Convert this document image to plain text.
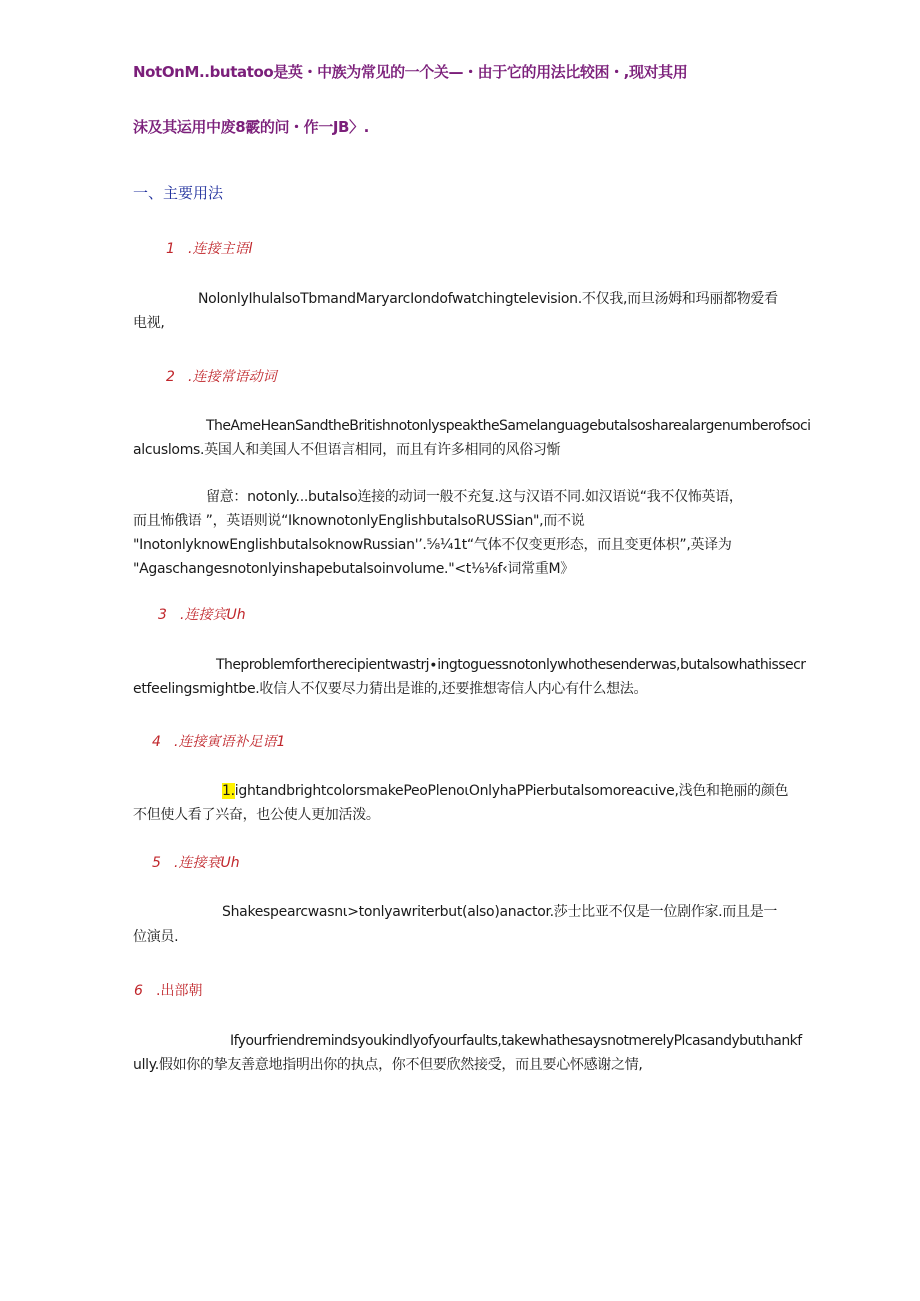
NotOnM..butatoo是英・中族为常见的一个关—・由于它的用法比较困・,现对其用
沫及其运用中废8霰的问・作一JB〉.
一、主要用法
1 .连接主语l
NolonlyIhulalsoTbmandMaryarcIondofwatchingtelevision.不仅我,而旦汤姆和玛丽都物爱看
电视,
2 .连接常语动词
TheAmeHeanSandtheBritishnotonlyspeaktheSamelanguagebutalsosharealargenumberofsoci
alcusloms.英国人和美国人不但语言相同，而且有许多相同的风俗习惭
留意：notonly...butalso连接的动词一般不充复.这与汉语不同.如汉语说“我不仅怖英语，
而且怖俄语 ”，英语则说“IknownotonlyEnglishbutalsoRUSSian",而不说
"InotonlyknowEnglishbutalsoknowRussian'’.⅝¼1t“气体不仅变更形态，而且变更体枳”,英译为
"Agaschangesnotonlyinshapebutalsoinvolume."<t⅛⅛f‹词常重M》
3 .连接宾Uh
Theproblemfortherecipientwastrj∙ingtoguessnotonlywhothesenderwas,butalsowhathissecr
etfeelingsmightbe.收信人不仅要尽力猜出是谁的,还要推想寄信人内心有什么想法。
4 .连接寅语补足语1
1.ightandbrightcolorsmakePeoPlenoιOnlyhaPPierbutalsomoreacιive,浅色和艳丽的颜色
不但使人看了兴奋，也公使人更加活泼。
5 .连接衰Uh
Shakespearcwasnι>tonlyawriterbut(also)anactor.莎士比亚不仅是一位剧作家.而且是一
位演员.
6 .出部朝
Ifyourfriendremindsyoukindlyofyourfaults,takewhathesaysnotmerelyPlcasandybutιhankf
ully.假如你的挚友善意地指明出你的执点，你不但要欣然接受，而且要心怀感谢之情,
